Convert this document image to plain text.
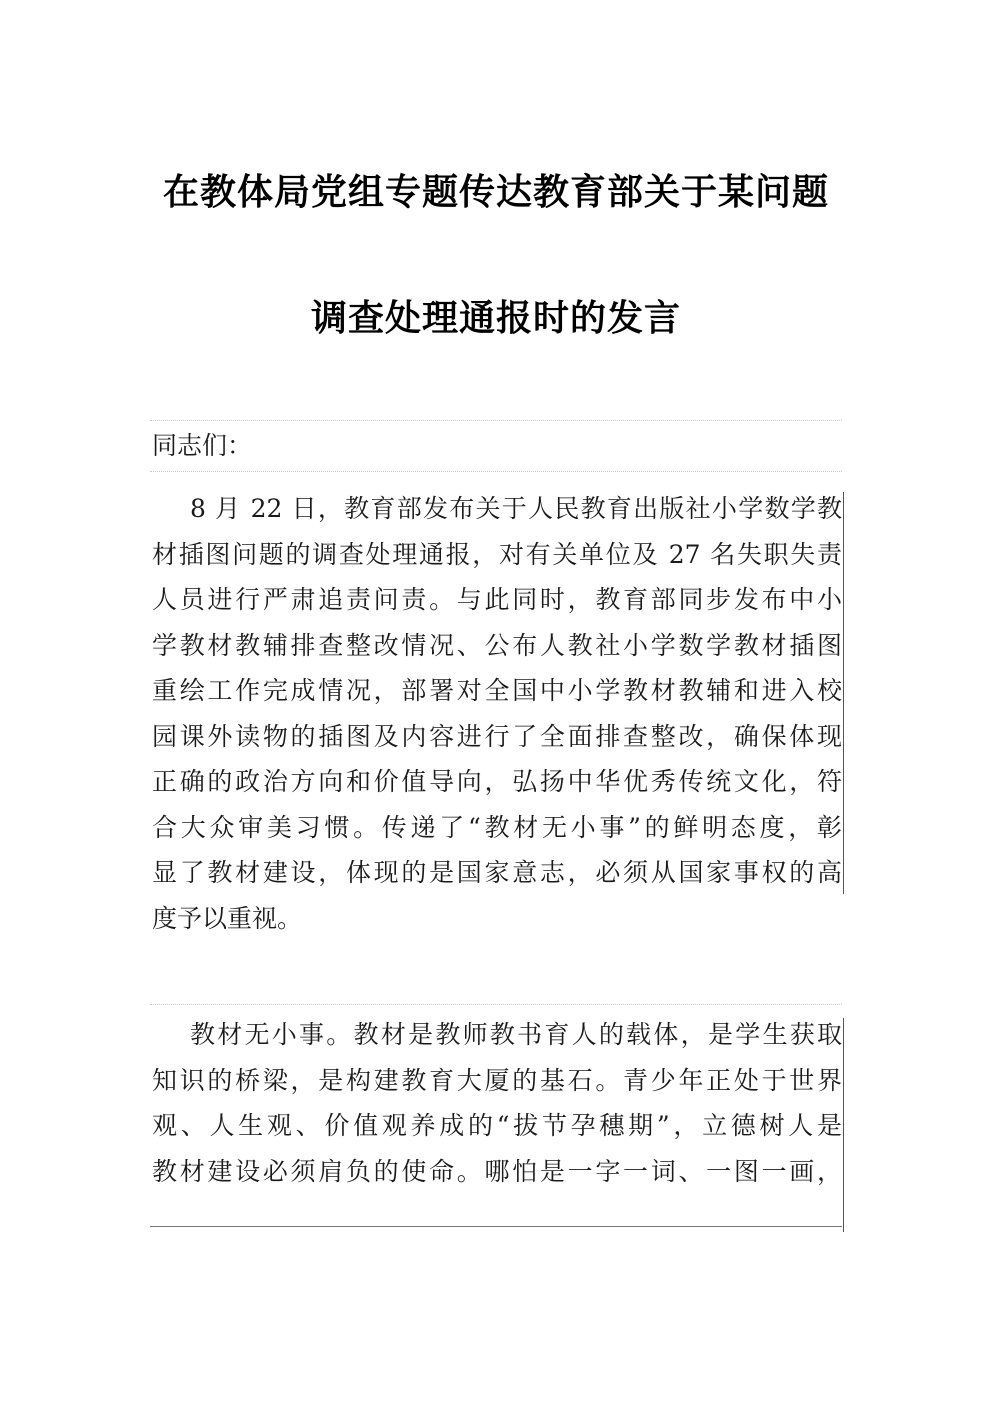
在教体局党组专题传达教育部关于某问题
调查处理通报时的发言
同志们：
8 月 22 日，教育部发布关于人民教育出版社小学数学教
材插图问题的调查处理通报，对有关单位及 27 名失职失责
人员进行严肃追责问责。与此同时，教育部同步发布中小
学教材教辅排查整改情况、公布人教社小学数学教材插图
重绘工作完成情况，部署对全国中小学教材教辅和进入校
园课外读物的插图及内容进行了全面排查整改，确保体现
正确的政治方向和价值导向，弘扬中华优秀传统文化，符
合大众审美习惯。传递了“教材无小事”的鲜明态度，彰
显了教材建设，体现的是国家意志，必须从国家事权的高
度予以重视。
教材无小事。教材是教师教书育人的载体，是学生获取
知识的桥梁，是构建教育大厦的基石。青少年正处于世界
观、人生观、价值观养成的“拔节孕穗期”，立德树人是
教材建设必须肩负的使命。哪怕是一字一词、一图一画，
